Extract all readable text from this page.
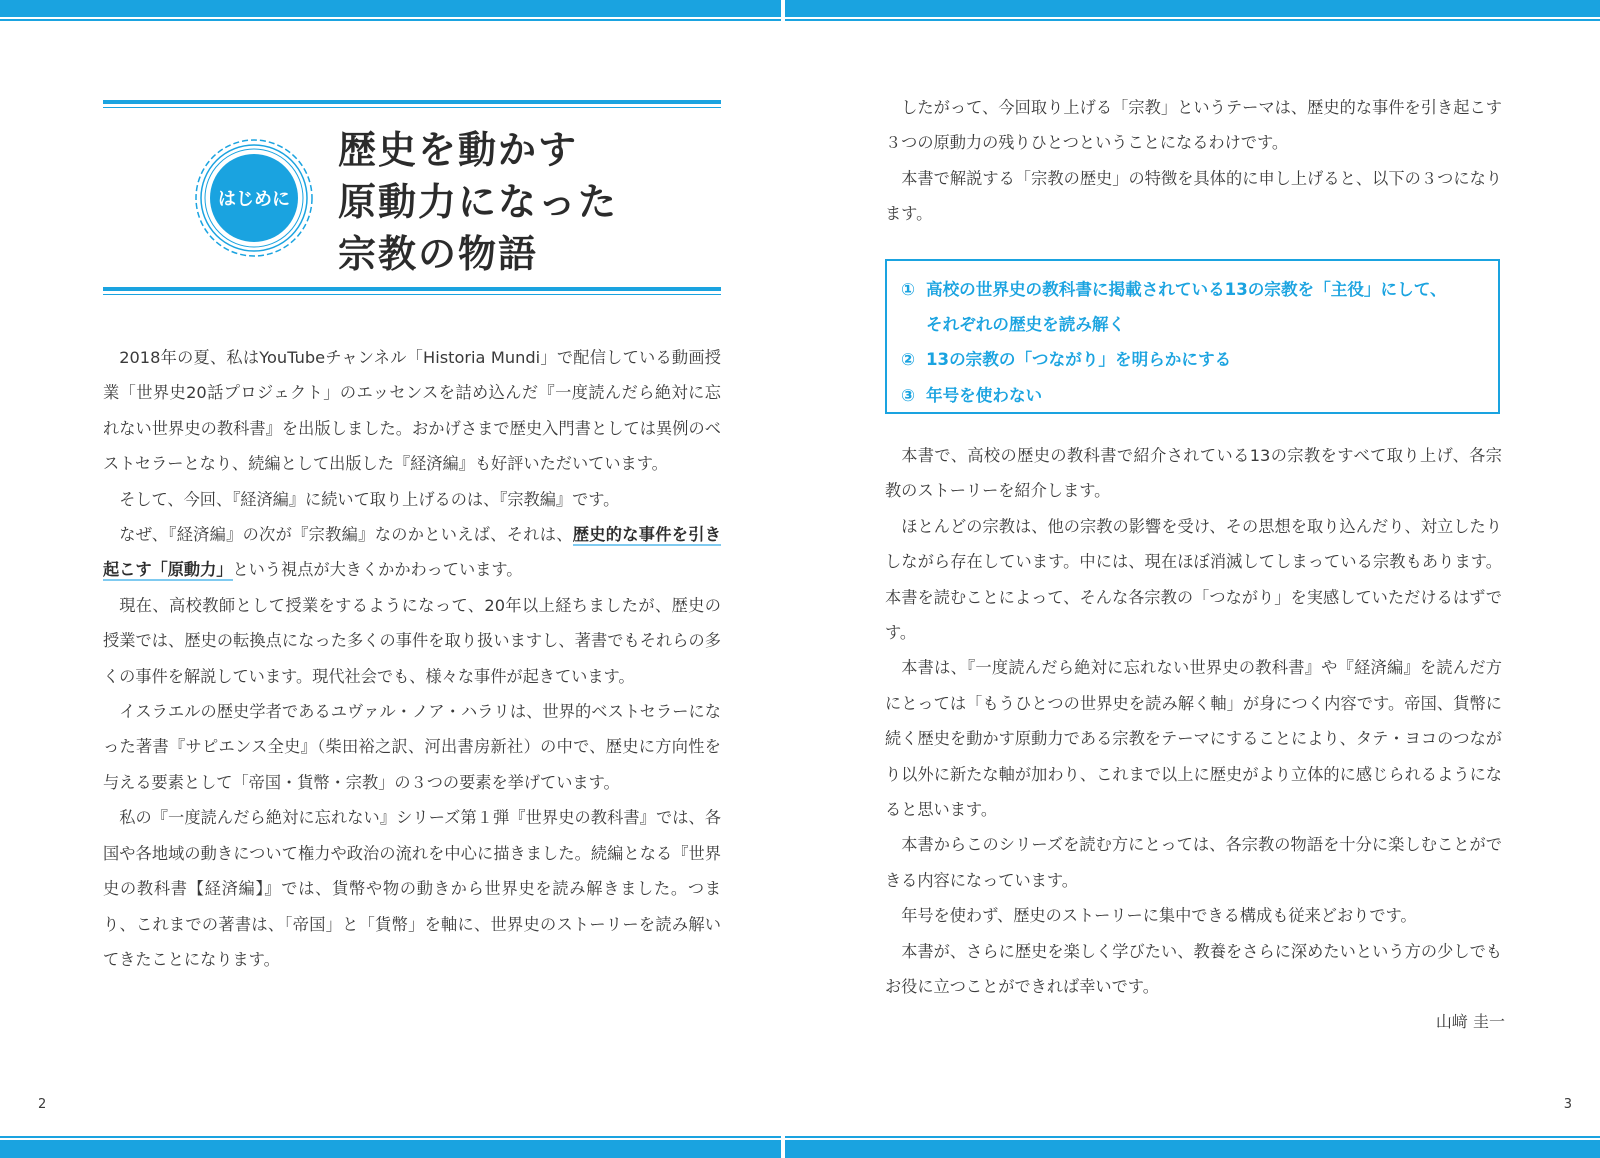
はじめに
歴史を動かす
原動力になった
宗教の物語

2018年の夏、私はYouTubeチャンネル「Historia Mundi」で配信している動画授業「世界史20話プロジェクト」のエッセンスを詰め込んだ『一度読んだら絶対に忘れない世界史の教科書』を出版しました。おかげさまで歴史入門書としては異例のベストセラーとなり、続編として出版した『経済編』も好評いただいています。

そして、今回、『経済編』に続いて取り上げるのは、『宗教編』です。

なぜ、『経済編』の次が『宗教編』なのかといえば、それは、歴史的な事件を引き起こす「原動力」という視点が大きくかかわっています。

現在、高校教師として授業をするようになって、20年以上経ちましたが、歴史の授業では、歴史の転換点になった多くの事件を取り扱いますし、著書でもそれらの多くの事件を解説しています。現代社会でも、様々な事件が起きています。

イスラエルの歴史学者であるユヴァル・ノア・ハラリは、世界的ベストセラーになった著書『サピエンス全史』（柴田裕之訳、河出書房新社）の中で、歴史に方向性を与える要素として「帝国・貨幣・宗教」の３つの要素を挙げています。

私の『一度読んだら絶対に忘れない』シリーズ第１弾『世界史の教科書』では、各国や各地域の動きについて権力や政治の流れを中心に描きました。続編となる『世界史の教科書【経済編】』では、貨幣や物の動きから世界史を読み解きました。つまり、これまでの著書は、「帝国」と「貨幣」を軸に、世界史のストーリーを読み解いてきたことになります。

2

したがって、今回取り上げる「宗教」というテーマは、歴史的な事件を引き起こす３つの原動力の残りひとつということになるわけです。

本書で解説する「宗教の歴史」の特徴を具体的に申し上げると、以下の３つになります。

① 高校の世界史の教科書に掲載されている13の宗教を「主役」にして、
それぞれの歴史を読み解く
② 13の宗教の「つながり」を明らかにする
③ 年号を使わない

本書で、高校の歴史の教科書で紹介されている13の宗教をすべて取り上げ、各宗教のストーリーを紹介します。

ほとんどの宗教は、他の宗教の影響を受け、その思想を取り込んだり、対立したりしながら存在しています。中には、現在ほぼ消滅してしまっている宗教もあります。本書を読むことによって、そんな各宗教の「つながり」を実感していただけるはずです。

本書は、『一度読んだら絶対に忘れない世界史の教科書』や『経済編』を読んだ方にとっては「もうひとつの世界史を読み解く軸」が身につく内容です。帝国、貨幣に続く歴史を動かす原動力である宗教をテーマにすることにより、タテ・ヨコのつながり以外に新たな軸が加わり、これまで以上に歴史がより立体的に感じられるようになると思います。

本書からこのシリーズを読む方にとっては、各宗教の物語を十分に楽しむことができる内容になっています。

年号を使わず、歴史のストーリーに集中できる構成も従来どおりです。

本書が、さらに歴史を楽しく学びたい、教養をさらに深めたいという方の少しでもお役に立つことができれば幸いです。

山﨑 圭一
3
